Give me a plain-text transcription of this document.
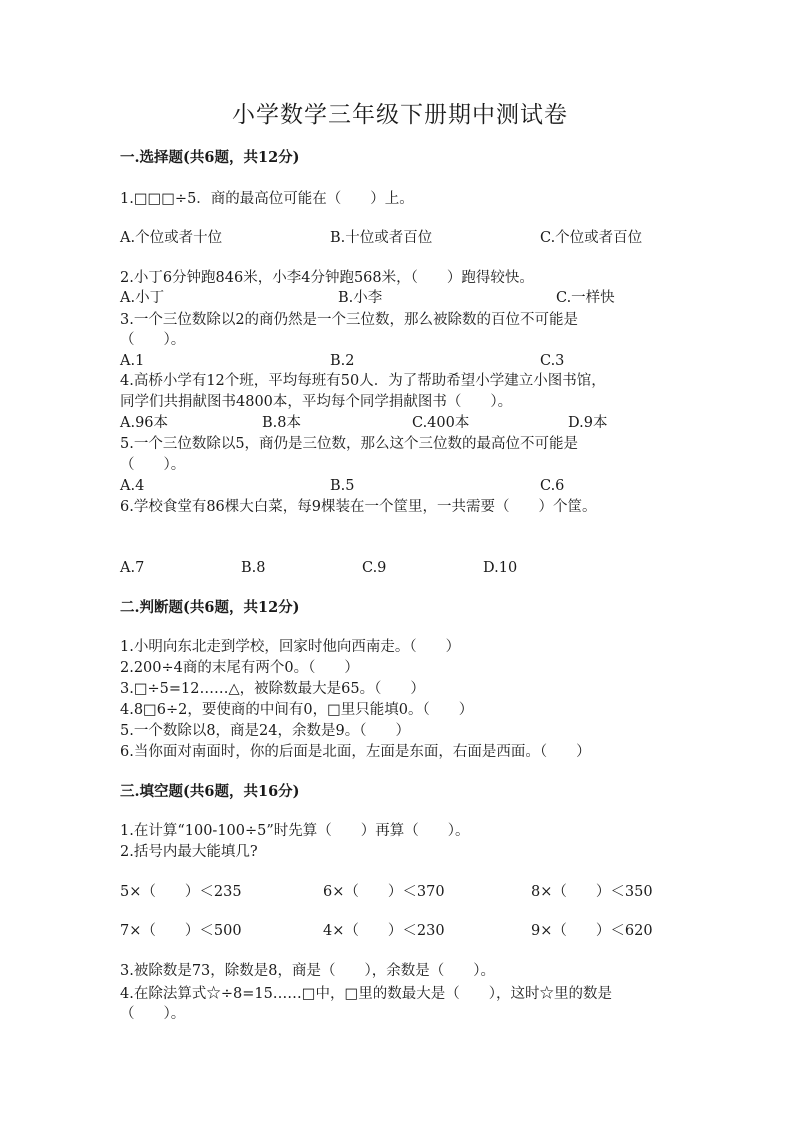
小学数学三年级下册期中测试卷
一.选择题(共6题，共12分)
1.□□□÷5．商的最高位可能在（　　）上。
A.个位或者十位	B.十位或者百位	C.个位或者百位
2.小丁6分钟跑846米，小李4分钟跑568米，（　　）跑得较快。
A.小丁	B.小李	C.一样快
3.一个三位数除以2的商仍然是一个三位数，那么被除数的百位不可能是
（　　）。
A.1	B.2	C.3
4.高桥小学有12个班，平均每班有50人．为了帮助希望小学建立小图书馆，
同学们共捐献图书4800本，平均每个同学捐献图书（　　）。
A.96本	B.8本	C.400本	D.9本
5.一个三位数除以5，商仍是三位数，那么这个三位数的最高位不可能是
（　　）。
A.4	B.5	C.6
6.学校食堂有86棵大白菜，每9棵装在一个筐里，一共需要（　　）个筐。
A.7	B.8	C.9	D.10
二.判断题(共6题，共12分)
1.小明向东北走到学校，回家时他向西南走。（　　）
2.200÷4商的末尾有两个0。（　　）
3.□÷5=12……△，被除数最大是65。（　　）
4.8□6÷2，要使商的中间有0，□里只能填0。（　　）
5.一个数除以8，商是24，余数是9。（　　）
6.当你面对南面时，你的后面是北面，左面是东面，右面是西面。（　　）
三.填空题(共6题，共16分)
1.在计算“100-100÷5”时先算（　　）再算（　　）。
2.括号内最大能填几?
5×（　　）＜235	6×（　　）＜370	8×（　　）＜350
7×（　　）＜500	4×（　　）＜230	9×（　　）＜620
3.被除数是73，除数是8，商是（　　），余数是（　　）。
4.在除法算式☆÷8=15……□中，□里的数最大是（　　），这时☆里的数是
（　　）。
